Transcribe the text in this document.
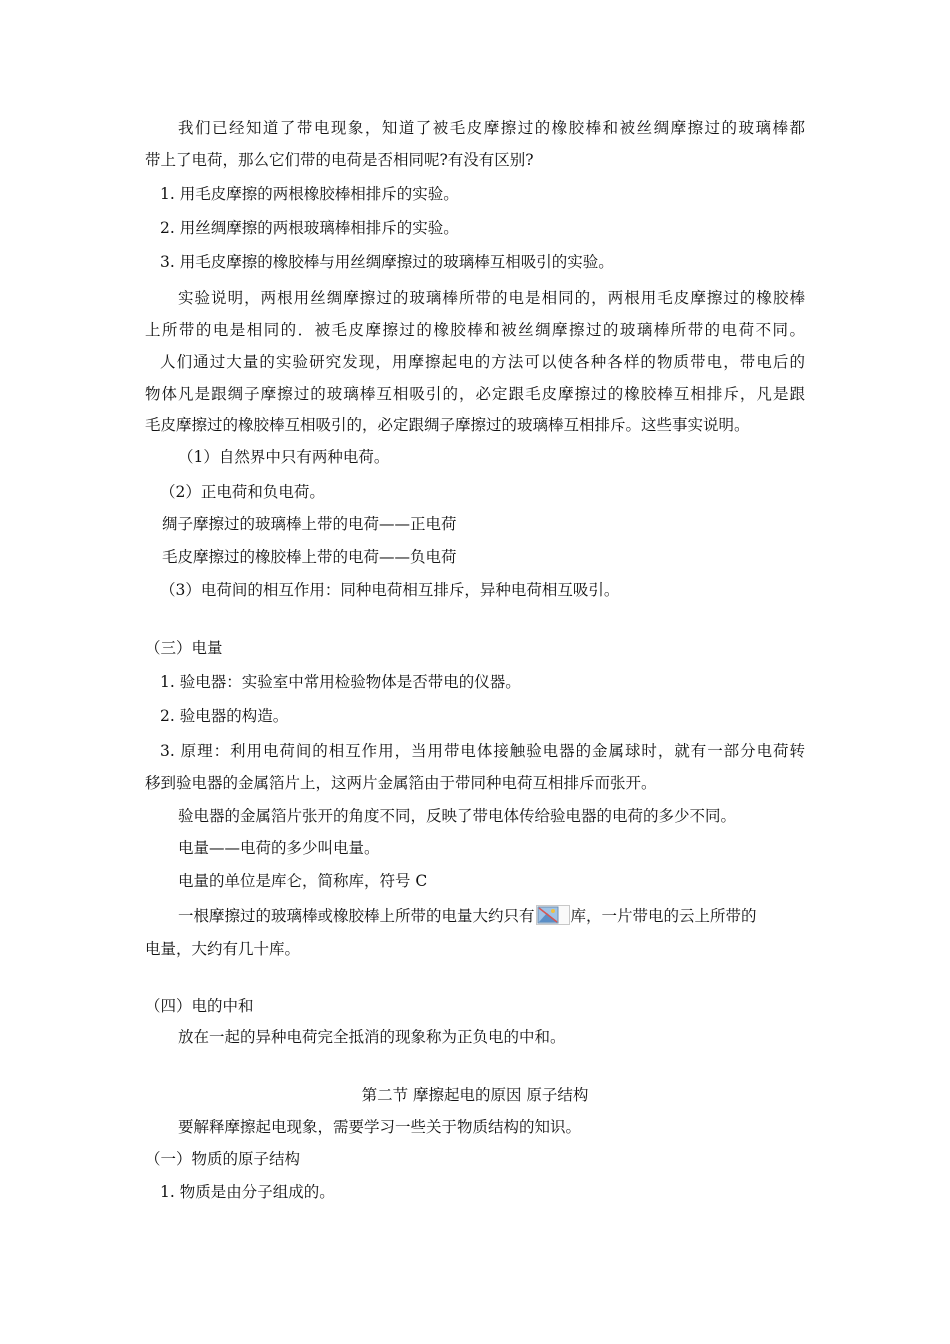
我们已经知道了带电现象，知道了被毛皮摩擦过的橡胶棒和被丝绸摩擦过的玻璃棒都
带上了电荷，那么它们带的电荷是否相同呢?有没有区别?
1. 用毛皮摩擦的两根橡胶棒相排斥的实验。
2. 用丝绸摩擦的两根玻璃棒相排斥的实验。
3. 用毛皮摩擦的橡胶棒与用丝绸摩擦过的玻璃棒互相吸引的实验。
实验说明，两根用丝绸摩擦过的玻璃棒所带的电是相同的，两根用毛皮摩擦过的橡胶棒
上所带的电是相同的．被毛皮摩擦过的橡胶棒和被丝绸摩擦过的玻璃棒所带的电荷不同。
人们通过大量的实验研究发现，用摩擦起电的方法可以使各种各样的物质带电，带电后的
物体凡是跟绸子摩擦过的玻璃棒互相吸引的，必定跟毛皮摩擦过的橡胶棒互相排斥，凡是跟
毛皮摩擦过的橡胶棒互相吸引的，必定跟绸子摩擦过的玻璃棒互相排斥。这些事实说明。
（1）自然界中只有两种电荷。
（2）正电荷和负电荷。
绸子摩擦过的玻璃棒上带的电荷——正电荷
毛皮摩擦过的橡胶棒上带的电荷——负电荷
（3）电荷间的相互作用：同种电荷相互排斥，异种电荷相互吸引。
（三）电量
1. 验电器：实验室中常用检验物体是否带电的仪器。
2. 验电器的构造。
3. 原理：利用电荷间的相互作用，当用带电体接触验电器的金属球时，就有一部分电荷转
移到验电器的金属箔片上，这两片金属箔由于带同种电荷互相排斥而张开。
验电器的金属箔片张开的角度不同，反映了带电体传给验电器的电荷的多少不同。
电量——电荷的多少叫电量。
电量的单位是库仑，简称库，符号 C
一根摩擦过的玻璃棒或橡胶棒上所带的电量大约只有 库，一片带电的云上所带的
电量，大约有几十库。
（四）电的中和
放在一起的异种电荷完全抵消的现象称为正负电的中和。
第二节 摩擦起电的原因 原子结构
要解释摩擦起电现象，需要学习一些关于物质结构的知识。
（一）物质的原子结构
1. 物质是由分子组成的。
